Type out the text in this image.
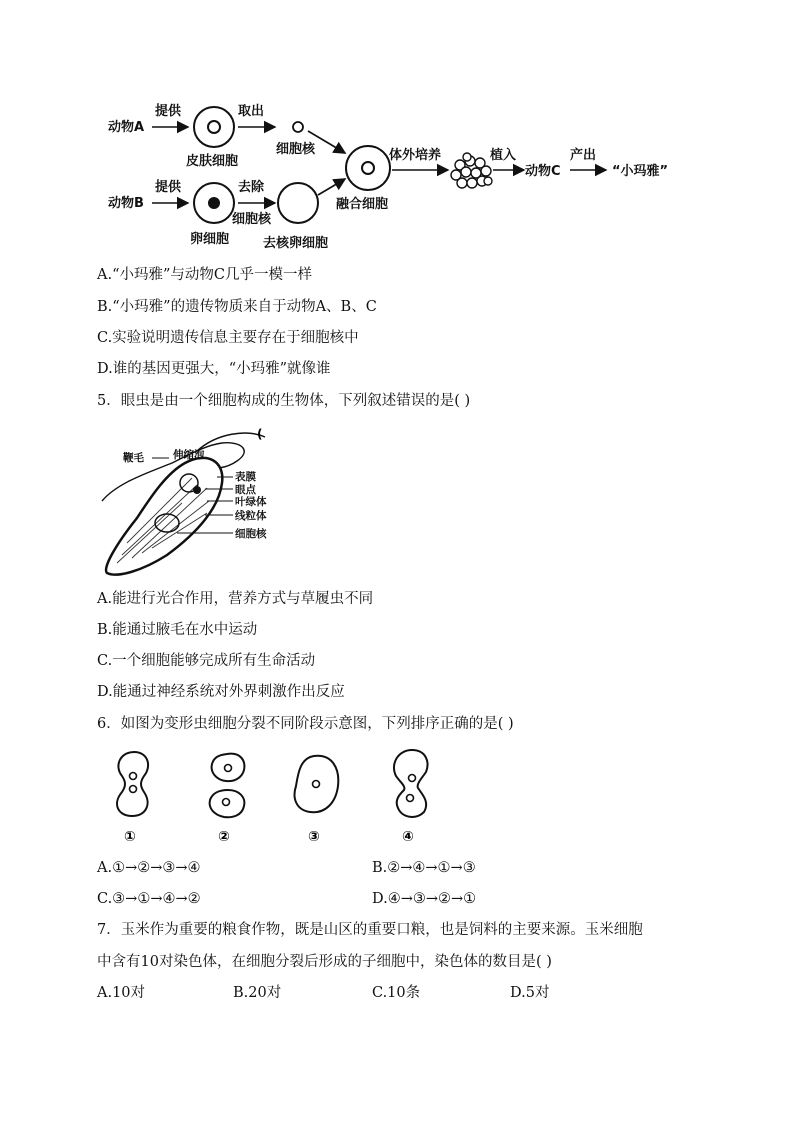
动物A
提供
皮肤细胞
取出
细胞核
动物B
提供
卵细胞
去除
细胞核
去核卵细胞
融合细胞
体外培养	植入
动物C
产出
“小玛雅”
A.“小玛雅”与动物C几乎一模一样
B.“小玛雅”的遗传物质来自于动物A、B、C
C.实验说明遗传信息主要存在于细胞核中
D.谁的基因更强大，“小玛雅”就像谁
5．眼虫是由一个细胞构成的生物体，下列叙述错误的是( )
(
鞭毛	伸缩泡
表膜
眼点
叶绿体
线粒体
细胞核
A.能进行光合作用，营养方式与草履虫不同
B.能通过腋毛在水中运动
C.一个细胞能够完成所有生命活动
D.能通过神经系统对外界刺激作出反应
6．如图为变形虫细胞分裂不同阶段示意图，下列排序正确的是( )
①	②	③	④
A.①→②→③→④	B.②→④→①→③
C.③→①→④→②	D.④→③→②→①
7．玉米作为重要的粮食作物，既是山区的重要口粮，也是饲料的主要来源。玉米细胞
中含有10对染色体，在细胞分裂后形成的子细胞中，染色体的数目是( )
A.10对	B.20对	C.10条	D.5对
